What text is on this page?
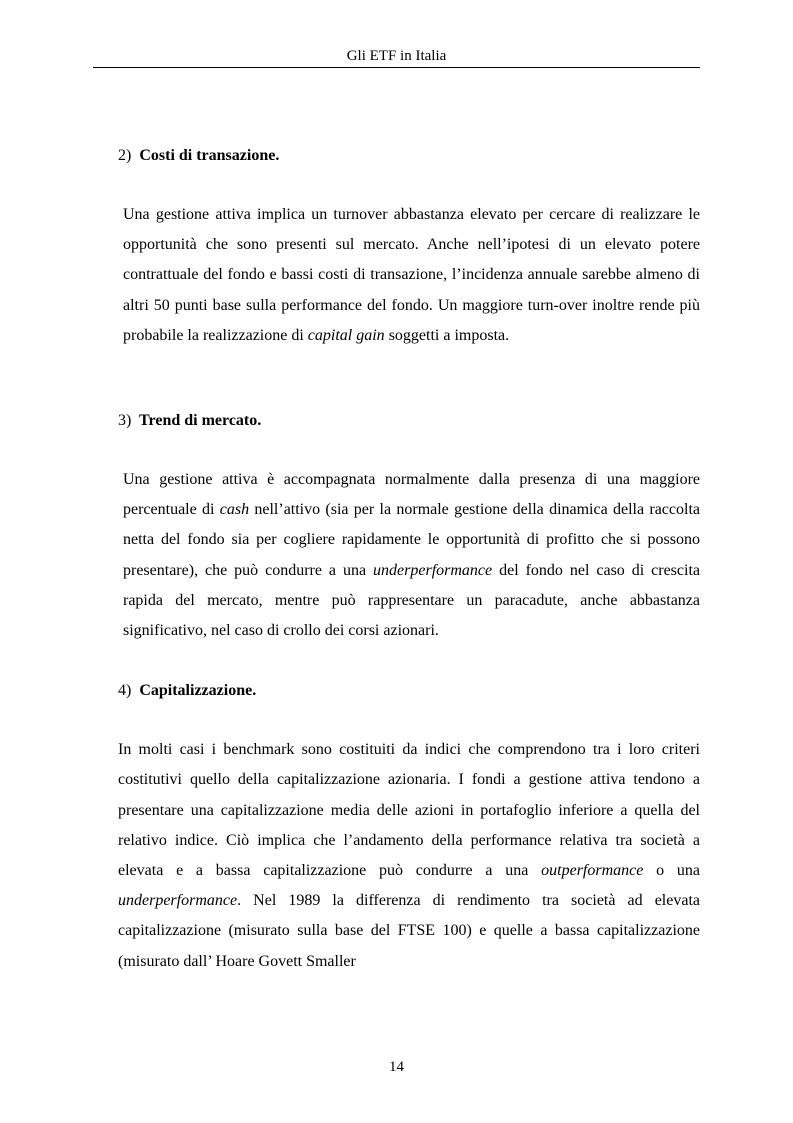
Gli ETF in Italia
2) Costi di transazione.

Una gestione attiva implica un turnover abbastanza elevato per cercare di realizzare le opportunità che sono presenti sul mercato. Anche nell’ipotesi di un elevato potere contrattuale del fondo e bassi costi di transazione, l’incidenza annuale sarebbe almeno di altri 50 punti base sulla performance del fondo. Un maggiore turn-over inoltre rende più probabile la realizzazione di capital gain soggetti a imposta.

3) Trend di mercato.

Una gestione attiva è accompagnata normalmente dalla presenza di una maggiore percentuale di cash nell’attivo (sia per la normale gestione della dinamica della raccolta netta del fondo sia per cogliere rapidamente le opportunità di profitto che si possono presentare), che può condurre a una underperformance del fondo nel caso di crescita rapida del mercato, mentre può rappresentare un paracadute, anche abbastanza significativo, nel caso di crollo dei corsi azionari.

4) Capitalizzazione.

In molti casi i benchmark sono costituiti da indici che comprendono tra i loro criteri costitutivi quello della capitalizzazione azionaria. I fondi a gestione attiva tendono a presentare una capitalizzazione media delle azioni in portafoglio inferiore a quella del relativo indice. Ciò implica che l’andamento della performance relativa tra società a elevata e a bassa capitalizzazione può condurre a una outperformance o una underperformance. Nel 1989 la differenza di rendimento tra società ad elevata capitalizzazione (misurato sulla base del FTSE 100) e quelle a bassa capitalizzazione (misurato dall’ Hoare Govett Smaller

14
